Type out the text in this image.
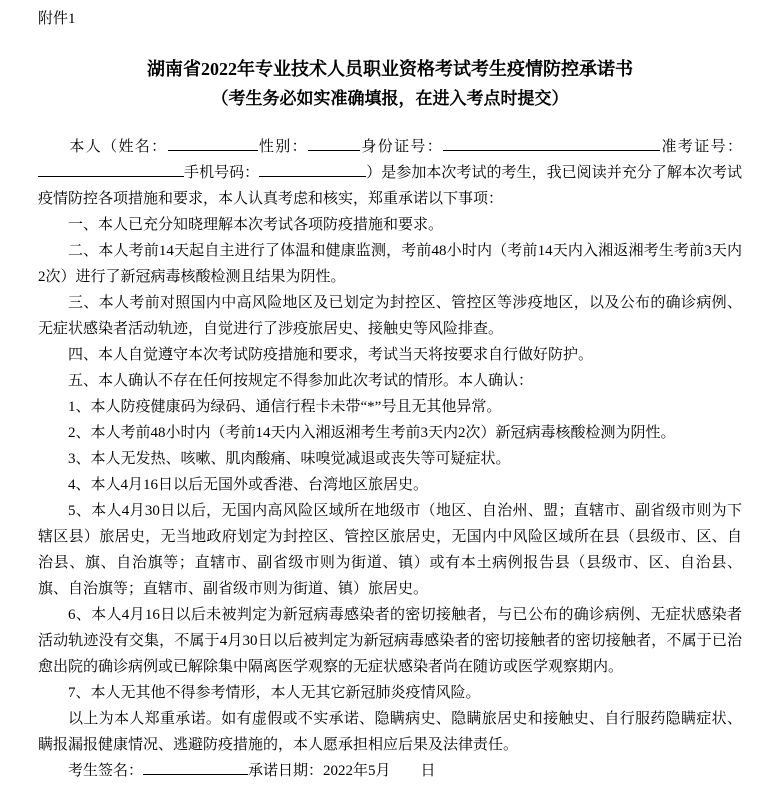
附件1
湖南省2022年专业技术人员职业资格考试考生疫情防控承诺书
（考生务必如实准确填报，在进入考点时提交）

本人（姓名：	性别：	身份证号：	准考证号：手机号码：	）是参加本次考试的考生，我已阅读并充分了解本次考试疫情防控各项措施和要求，本人认真考虑和核实，郑重承诺以下事项：

一、本人已充分知晓理解本次考试各项防疫措施和要求。

二、本人考前14天起自主进行了体温和健康监测，考前48小时内（考前14天内入湘返湘考生考前3天内2次）进行了新冠病毒核酸检测且结果为阴性。

三、本人考前对照国内中高风险地区及已划定为封控区、管控区等涉疫地区，以及公布的确诊病例、无症状感染者活动轨迹，自觉进行了涉疫旅居史、接触史等风险排查。

四、本人自觉遵守本次考试防疫措施和要求，考试当天将按要求自行做好防护。

五、本人确认不存在任何按规定不得参加此次考试的情形。本人确认：

1、本人防疫健康码为绿码、通信行程卡未带“*”号且无其他异常。

2、本人考前48小时内（考前14天内入湘返湘考生考前3天内2次）新冠病毒核酸检测为阴性。

3、本人无发热、咳嗽、肌肉酸痛、味嗅觉减退或丧失等可疑症状。

4、本人4月16日以后无国外或香港、台湾地区旅居史。

5、本人4月30日以后，无国内高风险区域所在地级市（地区、自治州、盟；直辖市、副省级市则为下辖区县）旅居史，无当地政府划定为封控区、管控区旅居史，无国内中风险区域所在县（县级市、区、自治县、旗、自治旗等；直辖市、副省级市则为街道、镇）或有本土病例报告县（县级市、区、自治县、旗、自治旗等；直辖市、副省级市则为街道、镇）旅居史。

6、本人4月16日以后未被判定为新冠病毒感染者的密切接触者，与已公布的确诊病例、无症状感染者活动轨迹没有交集，不属于4月30日以后被判定为新冠病毒感染者的密切接触者的密切接触者，不属于已治愈出院的确诊病例或已解除集中隔离医学观察的无症状感染者尚在随访或医学观察期内。

7、本人无其他不得参考情形，本人无其它新冠肺炎疫情风险。

以上为本人郑重承诺。如有虚假或不实承诺、隐瞒病史、隐瞒旅居史和接触史、自行服药隐瞒症状、瞒报漏报健康情况、逃避防疫措施的，本人愿承担相应后果及法律责任。

考生签名：	承诺日期：2022年5月 日
